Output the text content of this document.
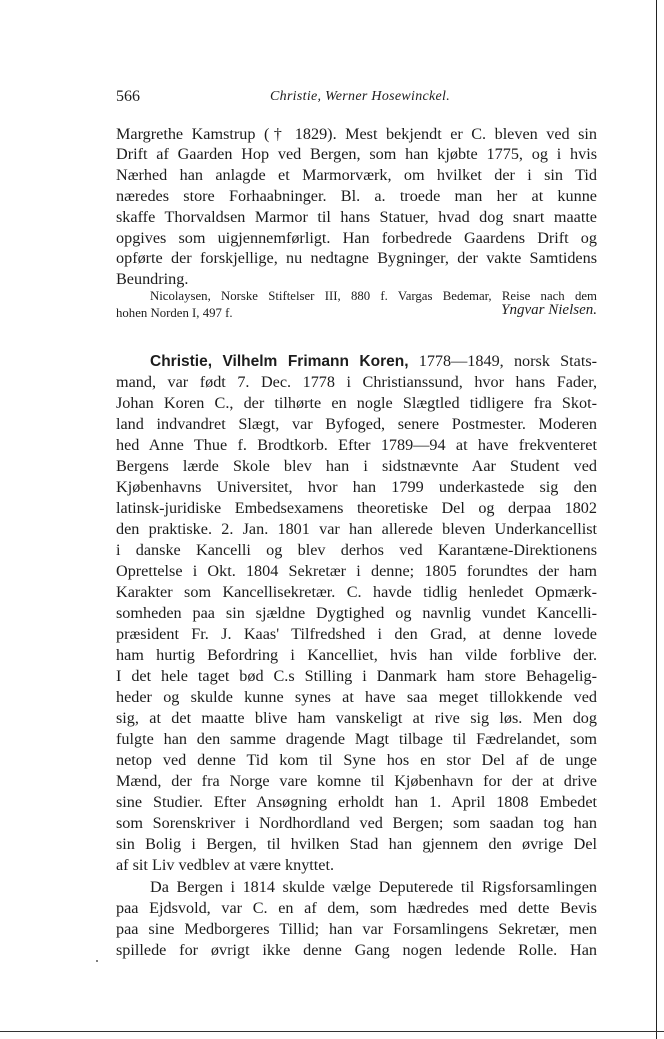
566	Christie, Werner Hosewinckel.
Margrethe Kamstrup († 1829). Mest bekjendt er C. bleven ved sin
Drift af Gaarden Hop ved Bergen, som han kjøbte 1775, og i hvis
Nærhed han anlagde et Marmorværk, om hvilket der i sin Tid
næredes store Forhaabninger. Bl. a. troede man her at kunne
skaffe Thorvaldsen Marmor til hans Statuer, hvad dog snart maatte
opgives som uigjennemførligt. Han forbedrede Gaardens Drift og
opførte der forskjellige, nu nedtagne Bygninger, der vakte Samtidens
Beundring.
Nicolaysen, Norske Stiftelser III, 880 f. Vargas Bedemar, Reise nach dem
hohen Norden I, 497 f.	Yngvar Nielsen.
Christie, Vilhelm Frimann Koren, 1778—1849, norsk Stats-
mand, var født 7. Dec. 1778 i Christianssund, hvor hans Fader,
Johan Koren C., der tilhørte en nogle Slægtled tidligere fra Skot-
land indvandret Slægt, var Byfoged, senere Postmester. Moderen
hed Anne Thue f. Brodtkorb. Efter 1789—94 at have frekventeret
Bergens lærde Skole blev han i sidstnævnte Aar Student ved
Kjøbenhavns Universitet, hvor han 1799 underkastede sig den
latinsk-juridiske Embedsexamens theoretiske Del og derpaa 1802
den praktiske. 2. Jan. 1801 var han allerede bleven Underkancellist
i danske Kancelli og blev derhos ved Karantæne-Direktionens
Oprettelse i Okt. 1804 Sekretær i denne; 1805 forundtes der ham
Karakter som Kancellisekretær. C. havde tidlig henledet Opmærk-
somheden paa sin sjældne Dygtighed og navnlig vundet Kancelli-
præsident Fr. J. Kaas' Tilfredshed i den Grad, at denne lovede
ham hurtig Befordring i Kancelliet, hvis han vilde forblive der.
I det hele taget bød C.s Stilling i Danmark ham store Behagelig-
heder og skulde kunne synes at have saa meget tillokkende ved
sig, at det maatte blive ham vanskeligt at rive sig løs. Men dog
fulgte han den samme dragende Magt tilbage til Fædrelandet, som
netop ved denne Tid kom til Syne hos en stor Del af de unge
Mænd, der fra Norge vare komne til Kjøbenhavn for der at drive
sine Studier. Efter Ansøgning erholdt han 1. April 1808 Embedet
som Sorenskriver i Nordhordland ved Bergen; som saadan tog han
sin Bolig i Bergen, til hvilken Stad han gjennem den øvrige Del
af sit Liv vedblev at være knyttet.
Da Bergen i 1814 skulde vælge Deputerede til Rigsforsamlingen
paa Ejdsvold, var C. en af dem, som hædredes med dette Bevis
paa sine Medborgeres Tillid; han var Forsamlingens Sekretær, men
spillede for øvrigt ikke denne Gang nogen ledende Rolle. Han
